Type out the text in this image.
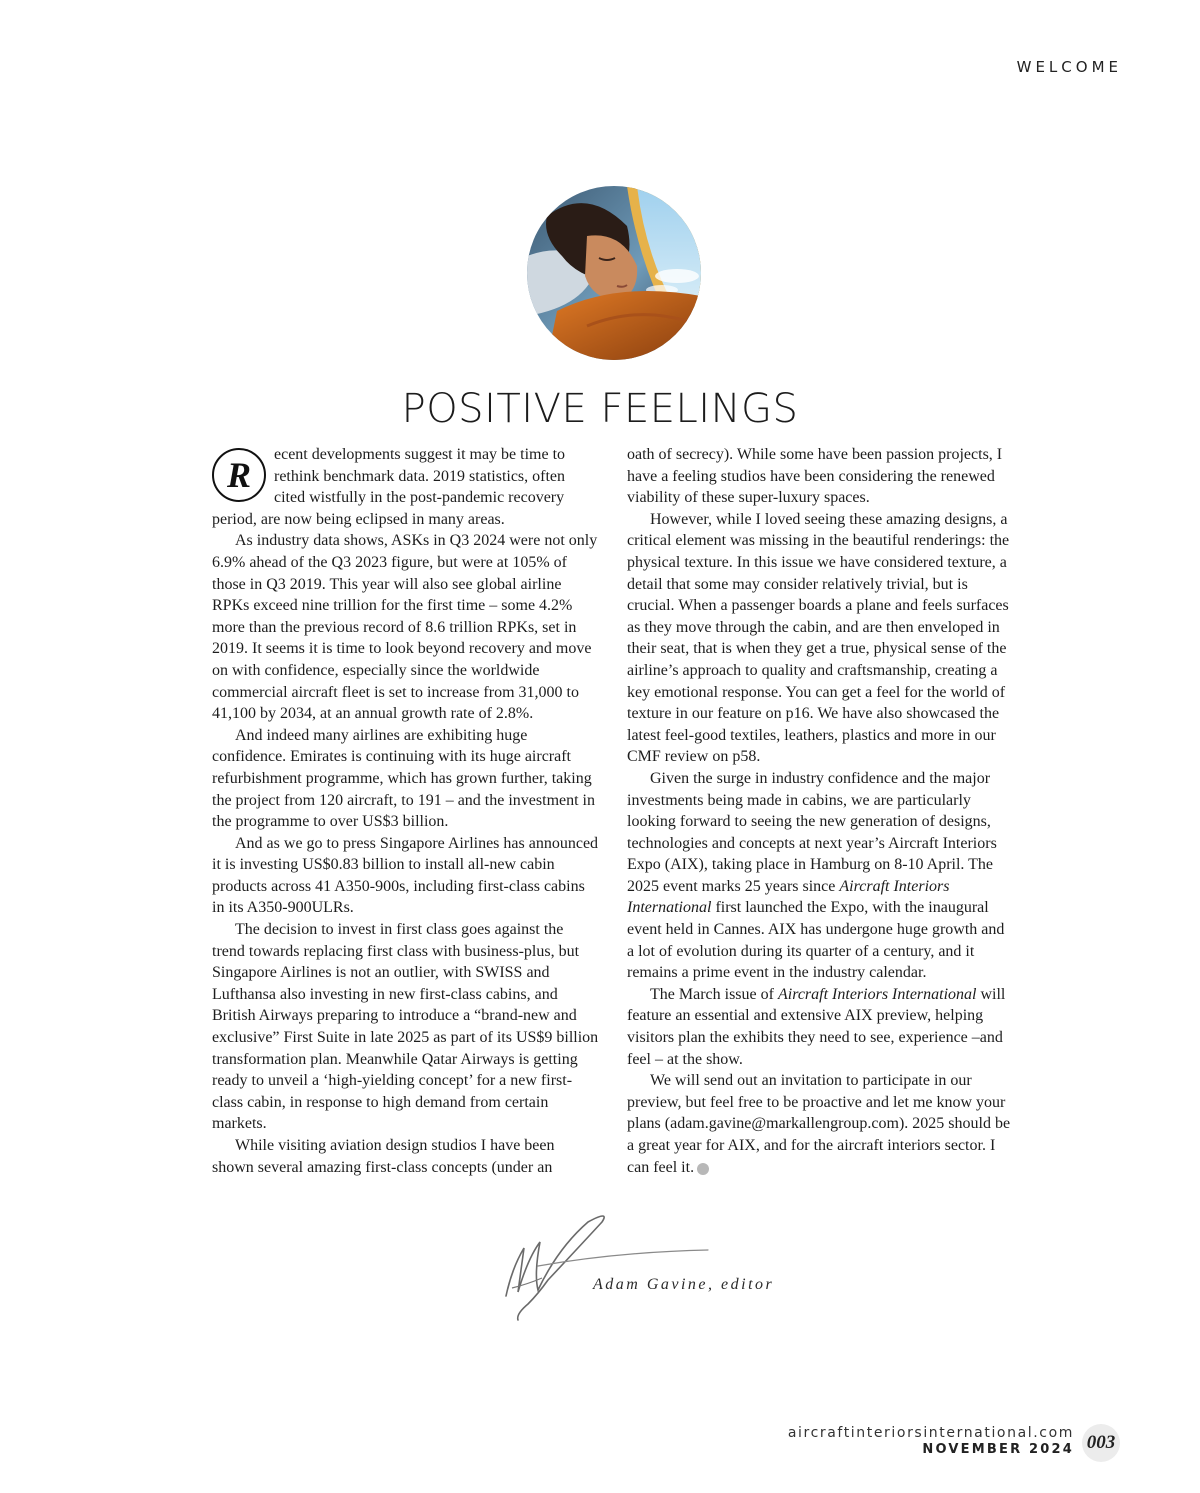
WELCOME
POSITIVE FEELINGS

R
ecent developments suggest it may be time to rethink benchmark data. 2019 statistics, often cited wistfully in the post-pandemic recovery period, are now being eclipsed in many areas.

As industry data shows, ASKs in Q3 2024 were not only 6.9% ahead of the Q3 2023 figure, but were at 105% of those in Q3 2019. This year will also see global airline RPKs exceed nine trillion for the first time – some 4.2% more than the previous record of 8.6 trillion RPKs, set in 2019. It seems it is time to look beyond recovery and move on with confidence, especially since the worldwide commercial aircraft fleet is set to increase from 31,000 to 41,100 by 2034, at an annual growth rate of 2.8%.

And indeed many airlines are exhibiting huge confidence. Emirates is continuing with its huge aircraft refurbishment programme, which has grown further, taking the project from 120 aircraft, to 191 – and the investment in the programme to over US$3 billion.

And as we go to press Singapore Airlines has announced it is investing US$0.83 billion to install all-new cabin products across 41 A350-900s, including first-class cabins in its A350-900ULRs.

The decision to invest in first class goes against the trend towards replacing first class with business-plus, but Singapore Airlines is not an outlier, with SWISS and Lufthansa also investing in new first-class cabins, and British Airways preparing to introduce a “brand-new and exclusive” First Suite in late 2025 as part of its US$9 billion transformation plan. Meanwhile Qatar Airways is getting ready to unveil a ‘high-yielding concept’ for a new first-class cabin, in response to high demand from certain markets.

While visiting aviation design studios I have been shown several amazing first-class concepts (under an

oath of secrecy). While some have been passion projects, I have a feeling studios have been considering the renewed viability of these super-luxury spaces.

However, while I loved seeing these amazing designs, a critical element was missing in the beautiful renderings: the physical texture. In this issue we have considered texture, a detail that some may consider relatively trivial, but is crucial. When a passenger boards a plane and feels surfaces as they move through the cabin, and are then enveloped in their seat, that is when they get a true, physical sense of the airline’s approach to quality and craftsmanship, creating a key emotional response. You can get a feel for the world of texture in our feature on p16. We have also showcased the latest feel-good textiles, leathers, plastics and more in our CMF review on p58.

Given the surge in industry confidence and the major investments being made in cabins, we are particularly looking forward to seeing the new generation of designs, technologies and concepts at next year’s Aircraft Interiors Expo (AIX), taking place in Hamburg on 8-10 April. The 2025 event marks 25 years since Aircraft Interiors International first launched the Expo, with the inaugural event held in Cannes. AIX has undergone huge growth and a lot of evolution during its quarter of a century, and it remains a prime event in the industry calendar.

The March issue of Aircraft Interiors International will feature an essential and extensive AIX preview, helping visitors plan the exhibits they need to see, experience –and feel – at the show.

We will send out an invitation to participate in our preview, but feel free to be proactive and let me know your plans (adam.gavine@markallengroup.com). 2025 should be a great year for AIX, and for the aircraft interiors sector. I can feel it.	⊗

Adam Gavine, editor
aircraftinteriorsinternational.com
NOVEMBER 2024 003
